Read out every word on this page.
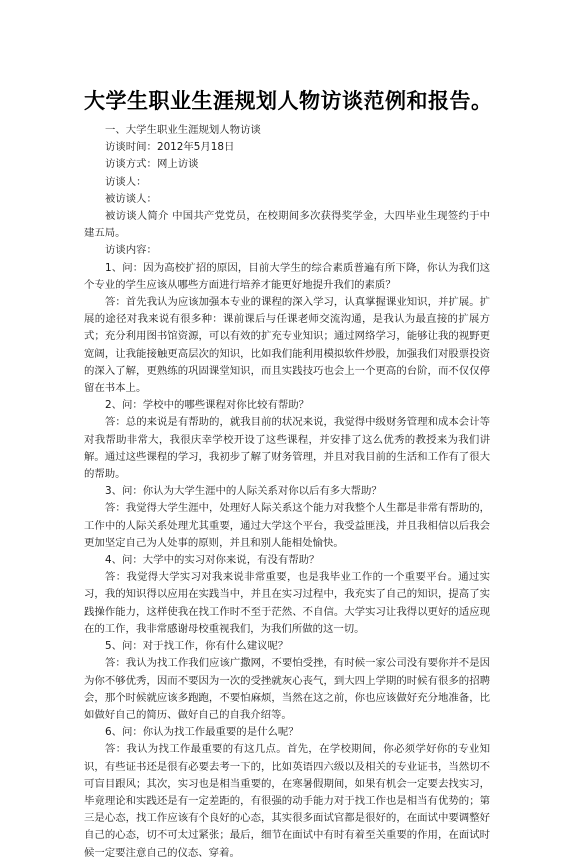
大学生职业生涯规划人物访谈范例和报告。

一、大学生职业生涯规划人物访谈

访谈时间：2012年5月18日

访谈方式：网上访谈

访谈人：

被访谈人：

被访谈人简介 中国共产党党员，在校期间多次获得奖学金，大四毕业生现签约于中建五局。

访谈内容：

1、问：因为高校扩招的原因，目前大学生的综合素质普遍有所下降，你认为我们这个专业的学生应该从哪些方面进行培养才能更好地提升我们的素质？

答：首先我认为应该加强本专业的课程的深入学习，认真掌握课业知识，并扩展。扩展的途径对我来说有很多种：课前课后与任课老师交流沟通，是我认为最直接的扩展方式；充分利用图书馆资源，可以有效的扩充专业知识；通过网络学习，能够让我的视野更宽阔，让我能接触更高层次的知识，比如我们能利用模拟软件炒股，加强我们对股票投资的深入了解，更熟练的巩固课堂知识，而且实践技巧也会上一个更高的台阶，而不仅仅停留在书本上。

2、问：学校中的哪些课程对你比较有帮助？

答：总的来说是有帮助的，就我目前的状况来说，我觉得中级财务管理和成本会计等对我帮助非常大，我很庆幸学校开设了这些课程，并安排了这么优秀的教授来为我们讲解。通过这些课程的学习，我初步了解了财务管理，并且对我目前的生活和工作有了很大的帮助。

3、问：你认为大学生涯中的人际关系对你以后有多大帮助？

答：我觉得大学生涯中，处理好人际关系这个能力对我整个人生都是非常有帮助的，工作中的人际关系处理尤其重要，通过大学这个平台，我受益匪浅，并且我相信以后我会更加坚定自己为人处事的原则，并且和别人能相处愉快。

4、问：大学中的实习对你来说，有没有帮助？

答：我觉得大学实习对我来说非常重要，也是我毕业工作的一个重要平台。通过实习，我的知识得以应用在实践当中，并且在实习过程中，我充实了自己的知识，提高了实践操作能力，这样使我在找工作时不至于茫然、不自信。大学实习让我得以更好的适应现在的工作，我非常感谢母校重视我们，为我们所做的这一切。

5、问：对于找工作，你有什么建议呢？

答：我认为找工作我们应该广撒网，不要怕受挫，有时候一家公司没有要你并不是因为你不够优秀，因而不要因为一次的受挫就灰心丧气，到大四上学期的时候有很多的招聘会，那个时候就应该多跑跑，不要怕麻烦，当然在这之前，你也应该做好充分地准备，比如做好自己的简历、做好自己的自我介绍等。

6、问：你认为找工作最重要的是什么呢？

答：我认为找工作最重要的有这几点。首先，在学校期间，你必须学好你的专业知识，有些证书还是很有必要去考一下的，比如英语四六级以及相关的专业证书，当然切不可盲目跟风；其次，实习也是相当重要的，在寒暑假期间，如果有机会一定要去找实习，毕竟理论和实践还是有一定差距的，有很强的动手能力对于找工作也是相当有优势的；第三是心态，找工作应该有个良好的心态，其实很多面试官都是很好的，在面试中要调整好自己的心态，切不可太过紧张；最后，细节在面试中有时有着至关重要的作用，在面试时候一定要注意自己的仪态、穿着。
